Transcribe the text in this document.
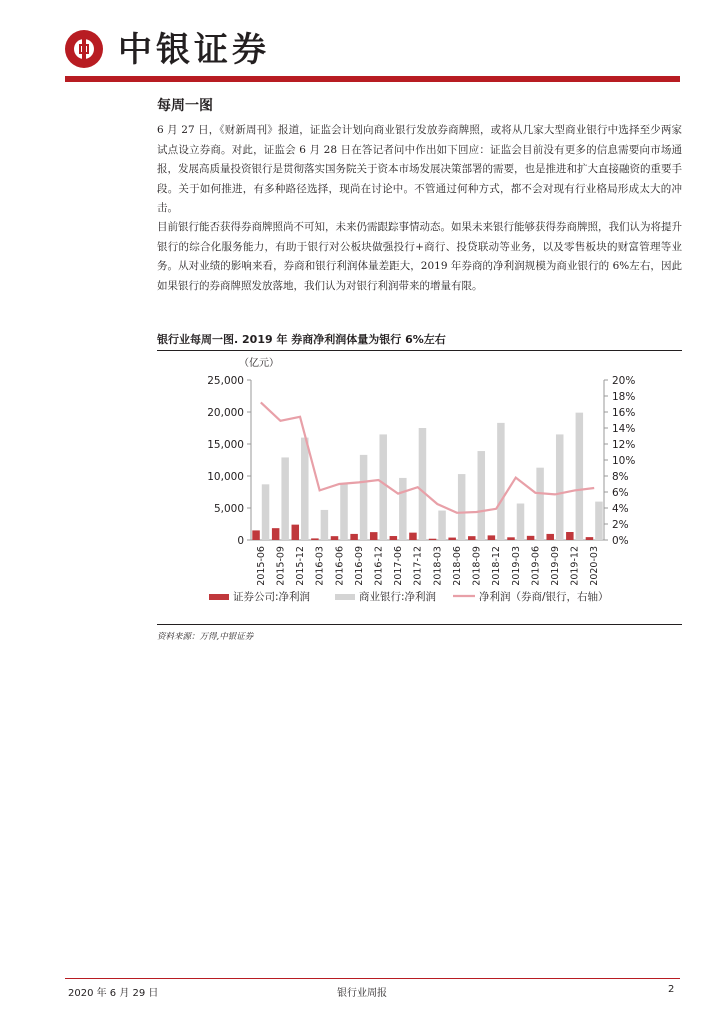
中银证券
每周一图

6 月 27 日，《财新周刊》报道，证监会计划向商业银行发放券商牌照，或将从几家大型商业银行中选择至少两家试点设立券商。对此，证监会 6 月 28 日在答记者问中作出如下回应：证监会目前没有更多的信息需要向市场通报，发展高质量投资银行是贯彻落实国务院关于资本市场发展决策部署的需要，也是推进和扩大直接融资的重要手段。关于如何推进，有多种路径选择，现尚在讨论中。不管通过何种方式，都不会对现有行业格局形成太大的冲击。

目前银行能否获得券商牌照尚不可知，未来仍需跟踪事情动态。如果未来银行能够获得券商牌照，我们认为将提升银行的综合化服务能力，有助于银行对公板块做强投行+商行、投贷联动等业务，以及零售板块的财富管理等业务。从对业绩的影响来看，券商和银行利润体量差距大，2019 年券商的净利润规模为商业银行的 6%左右，因此如果银行的券商牌照发放落地，我们认为对银行利润带来的增量有限。

银行业每周一图. 2019 年 券商净利润体量为银行 6%左右
（亿元）
0
5,000
10,000
15,000
20,000
25,000
0%
2%
4%
6%
8%
10%
12%
14%
16%
18%
20%
2015-06 2015-09 2015-12 2016-03 2016-06 2016-09 2016-12 2017-06 2017-12 2018-03 2018-06 2018-09 2018-12 2019-03 2019-06 2019-09 2019-12 2020-03
证券公司:净利润	商业银行:净利润	净利润（券商/银行，右轴）
资料来源：万得,中银证券
2020 年 6 月 29 日	银行业周报	2
